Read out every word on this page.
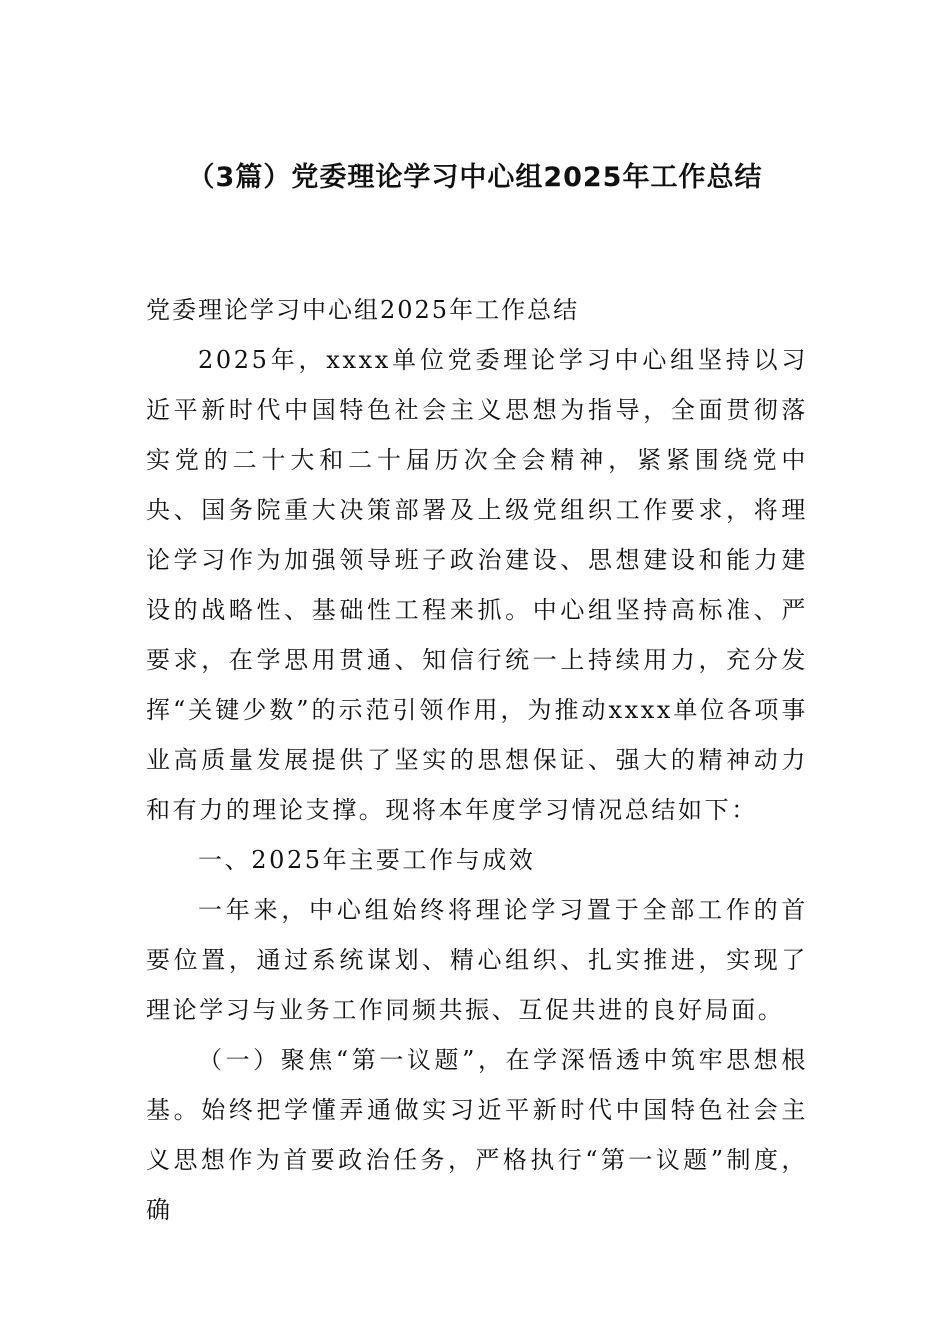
（3篇）党委理论学习中心组2025年工作总结

党委理论学习中心组2025年工作总结

2025年，xxxx单位党委理论学习中心组坚持以习近平新时代中国特色社会主义思想为指导，全面贯彻落实党的二十大和二十届历次全会精神，紧紧围绕党中央、国务院重大决策部署及上级党组织工作要求，将理论学习作为加强领导班子政治建设、思想建设和能力建设的战略性、基础性工程来抓。中心组坚持高标准、严要求，在学思用贯通、知信行统一上持续用力，充分发挥“关键少数”的示范引领作用，为推动xxxx单位各项事业高质量发展提供了坚实的思想保证、强大的精神动力和有力的理论支撑。现将本年度学习情况总结如下：

一、2025年主要工作与成效

一年来，中心组始终将理论学习置于全部工作的首要位置，通过系统谋划、精心组织、扎实推进，实现了理论学习与业务工作同频共振、互促共进的良好局面。

（一）聚焦“第一议题”，在学深悟透中筑牢思想根基。始终把学懂弄通做实习近平新时代中国特色社会主义思想作为首要政治任务，严格执行“第一议题”制度，确
